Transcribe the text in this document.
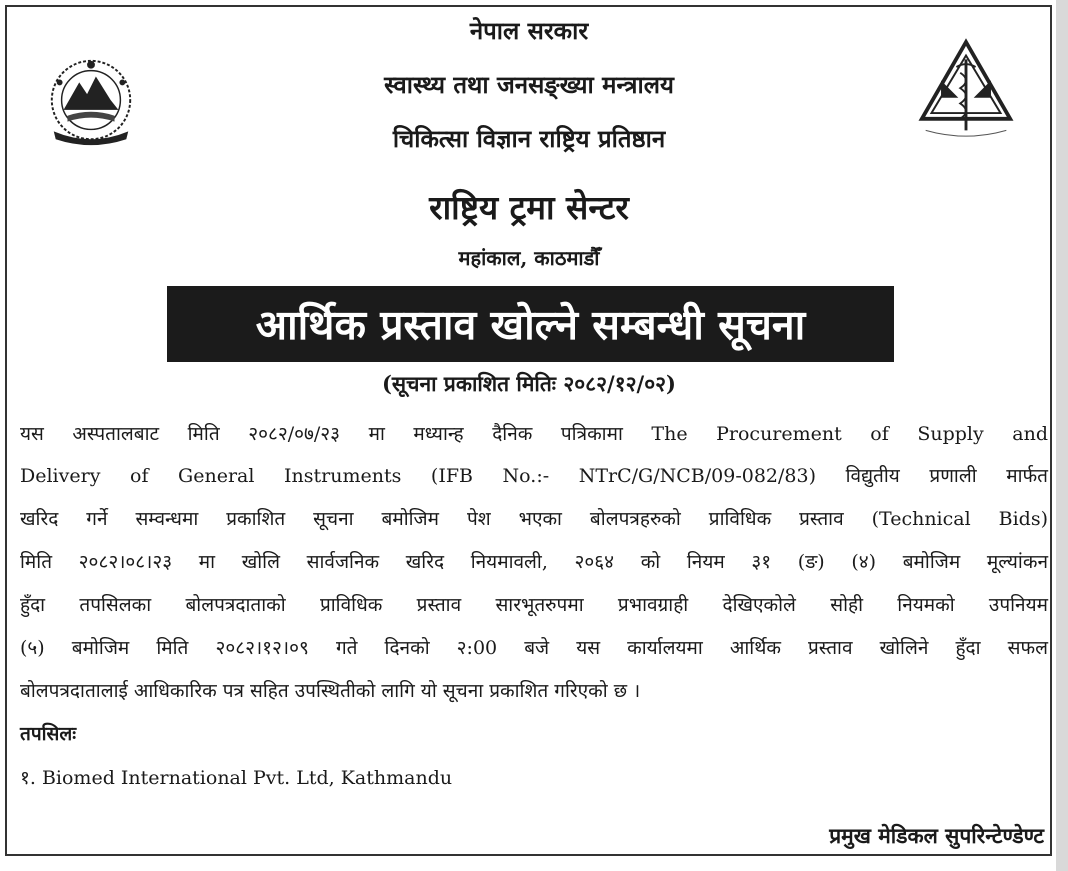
नेपाल सरकार
स्वास्थ्य तथा जनसङ्ख्या मन्त्रालय
चिकित्सा विज्ञान राष्ट्रिय प्रतिष्ठान
राष्ट्रिय ट्रमा सेन्टर
महांकाल, काठमाडौँ
आर्थिक प्रस्ताव खोल्ने सम्बन्धी सूचना
(सूचना प्रकाशित मितिः २०८२/१२/०२)
यस अस्पतालबाट मिति २०८२/०७/२३ मा मध्यान्ह दैनिक पत्रिकामा The Procurement of Supply and
Delivery of General Instruments (IFB No.:- NTrC/G/NCB/09-082/83) विद्युतीय प्रणाली मार्फत
खरिद गर्ने सम्वन्धमा प्रकाशित सूचना बमोजिम पेश भएका बोलपत्रहरुको प्राविधिक प्रस्ताव (Technical Bids)
मिति २०८२।०८।२३ मा खोलि सार्वजनिक खरिद नियमावली, २०६४ को नियम ३१ (ङ) (४) बमोजिम मूल्यांकन
हुँदा तपसिलका बोलपत्रदाताको प्राविधिक प्रस्ताव सारभूतरुपमा प्रभावग्राही देखिएकोले सोही नियमको उपनियम
(५) बमोजिम मिति २०८२।१२।०९ गते दिनको २:00 बजे यस कार्यालयमा आर्थिक प्रस्ताव खोलिने हुँदा सफल
बोलपत्रदातालाई आधिकारिक पत्र सहित उपस्थितीको लागि यो सूचना प्रकाशित गरिएको छ ।
तपसिलः
१. Biomed International Pvt. Ltd, Kathmandu
प्रमुख मेडिकल सुपरिन्टेण्डेण्ट
